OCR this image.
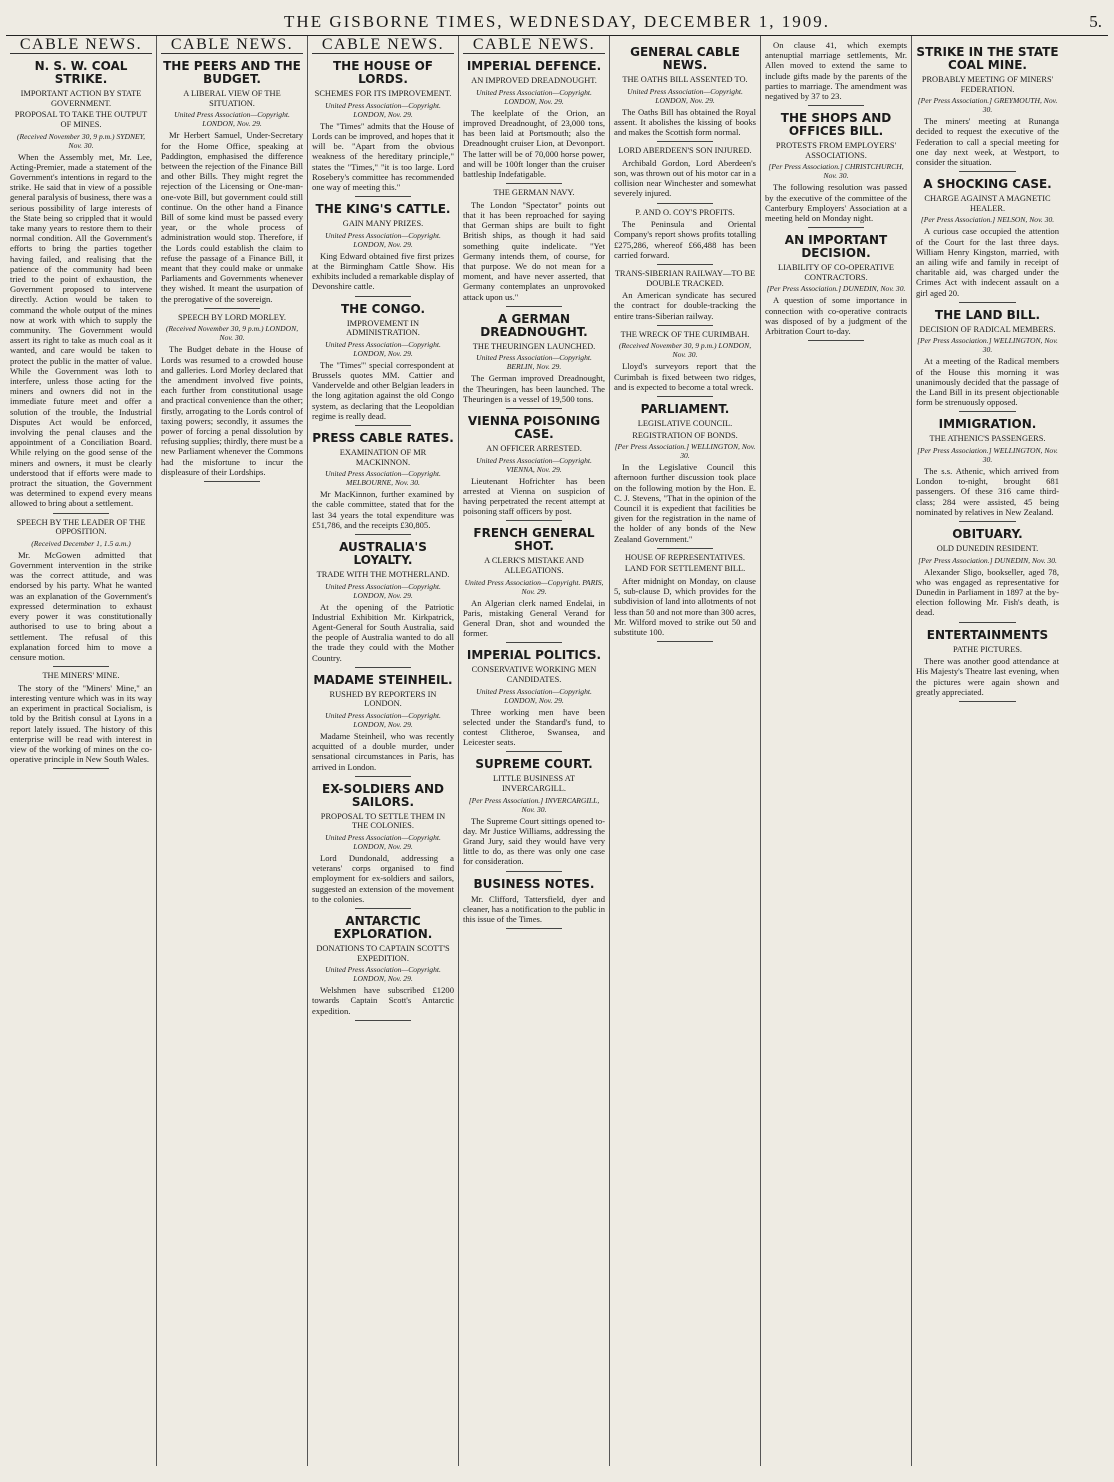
THE GISBORNE TIMES, WEDNESDAY, DECEMBER 1, 1909.	5.
CABLE NEWS.
N. S. W. COAL STRIKE.
IMPORTANT ACTION BY STATE GOVERNMENT.
PROPOSAL TO TAKE THE OUTPUT OF MINES.
(Received November 30, 9 p.m.) SYDNEY, Nov. 30.

When the Assembly met, Mr. Lee, Acting-Premier, made a statement of the Government's intentions in regard to the strike. He said that in view of a possible general paralysis of business, there was a serious possibility of large interests of the State being so crippled that it would take many years to restore them to their normal condition. All the Government's efforts to bring the parties together having failed, and realising that the patience of the community had been tried to the point of exhaustion, the Government proposed to intervene directly. Action would be taken to command the whole output of the mines now at work with which to supply the community. The Government would assert its right to take as much coal as it wanted, and care would be taken to protect the public in the matter of value. While the Government was loth to interfere, unless those acting for the miners and owners did not in the immediate future meet and offer a solution of the trouble, the Industrial Disputes Act would be enforced, involving the penal clauses and the appointment of a Conciliation Board. While relying on the good sense of the miners and owners, it must be clearly understood that if efforts were made to protract the situation, the Government was determined to expend every means allowed to bring about a settlement.

SPEECH BY THE LEADER OF THE OPPOSITION.
(Received December 1, 1.5 a.m.)

Mr. McGowen admitted that Government intervention in the strike was the correct attitude, and was endorsed by his party. What he wanted was an explanation of the Government's expressed determination to exhaust every power it was constitutionally authorised to use to bring about a settlement. The refusal of this explanation forced him to move a censure motion.

THE MINERS' MINE.

The story of the "Miners' Mine," an interesting venture which was in its way an experiment in practical Socialism, is told by the British consul at Lyons in a report lately issued. The history of this enterprise will be read with interest in view of the working of mines on the co-operative principle in New South Wales.

CABLE NEWS.
THE PEERS AND THE BUDGET.
A LIBERAL VIEW OF THE SITUATION.
United Press Association—Copyright. LONDON, Nov. 29.

Mr Herbert Samuel, Under-Secretary for the Home Office, speaking at Paddington, emphasised the difference between the rejection of the Finance Bill and other Bills. They might regret the rejection of the Licensing or One-man-one-vote Bill, but government could still continue. On the other hand a Finance Bill of some kind must be passed every year, or the whole process of administration would stop. Therefore, if the Lords could establish the claim to refuse the passage of a Finance Bill, it meant that they could make or unmake Parliaments and Governments whenever they wished. It meant the usurpation of the prerogative of the sovereign.

SPEECH BY LORD MORLEY.
(Received November 30, 9 p.m.) LONDON, Nov. 30.

The Budget debate in the House of Lords was resumed to a crowded house and galleries. Lord Morley declared that the amendment involved five points, each further from constitutional usage and practical convenience than the other; firstly, arrogating to the Lords control of taxing powers; secondly, it assumes the power of forcing a penal dissolution by refusing supplies; thirdly, there must be a new Parliament whenever the Commons had the misfortune to incur the displeasure of their Lordships.

CABLE NEWS.
THE HOUSE OF LORDS.
SCHEMES FOR ITS IMPROVEMENT.
United Press Association—Copyright. LONDON, Nov. 29.

The "Times" admits that the House of Lords can be improved, and hopes that it will be. "Apart from the obvious weakness of the hereditary principle," states the "Times," "it is too large. Lord Rosebery's committee has recommended one way of meeting this."

THE KING'S CATTLE.
GAIN MANY PRIZES.
United Press Association—Copyright. LONDON, Nov. 29.

King Edward obtained five first prizes at the Birmingham Cattle Show. His exhibits included a remarkable display of Devonshire cattle.

THE CONGO.
IMPROVEMENT IN ADMINISTRATION.
United Press Association—Copyright. LONDON, Nov. 29.

The "Times'" special correspondent at Brussels quotes MM. Cattier and Vandervelde and other Belgian leaders in the long agitation against the old Congo system, as declaring that the Leopoldian regime is really dead.

PRESS CABLE RATES.
EXAMINATION OF MR MACKINNON.
United Press Association—Copyright. MELBOURNE, Nov. 30.

Mr MacKinnon, further examined by the cable committee, stated that for the last 34 years the total expenditure was £51,786, and the receipts £30,805.

AUSTRALIA'S LOYALTY.
TRADE WITH THE MOTHERLAND.
United Press Association—Copyright. LONDON, Nov. 29.

At the opening of the Patriotic Industrial Exhibition Mr. Kirkpatrick, Agent-General for South Australia, said the people of Australia wanted to do all the trade they could with the Mother Country.

MADAME STEINHEIL.
RUSHED BY REPORTERS IN LONDON.
United Press Association—Copyright. LONDON, Nov. 29.

Madame Steinheil, who was recently acquitted of a double murder, under sensational circumstances in Paris, has arrived in London.

EX-SOLDIERS AND SAILORS.
PROPOSAL TO SETTLE THEM IN THE COLONIES.
United Press Association—Copyright. LONDON, Nov. 29.

Lord Dundonald, addressing a veterans' corps organised to find employment for ex-soldiers and sailors, suggested an extension of the movement to the colonies.

ANTARCTIC EXPLORATION.
DONATIONS TO CAPTAIN SCOTT'S EXPEDITION.
United Press Association—Copyright. LONDON, Nov. 29.

Welshmen have subscribed £1200 towards Captain Scott's Antarctic expedition.

CABLE NEWS.
IMPERIAL DEFENCE.
AN IMPROVED DREADNOUGHT.
United Press Association—Copyright. LONDON, Nov. 29.

The keelplate of the Orion, an improved Dreadnought, of 23,000 tons, has been laid at Portsmouth; also the Dreadnought cruiser Lion, at Devonport. The latter will be of 70,000 horse power, and will be 100ft longer than the cruiser battleship Indefatigable.

THE GERMAN NAVY.

The London "Spectator" points out that it has been reproached for saying that German ships are built to fight British ships, as though it had said something quite indelicate. "Yet Germany intends them, of course, for that purpose. We do not mean for a moment, and have never asserted, that Germany contemplates an unprovoked attack upon us."

A GERMAN DREADNOUGHT.
THE THEURINGEN LAUNCHED.
United Press Association—Copyright. BERLIN, Nov. 29.

The German improved Dreadnought, the Theuringen, has been launched. The Theuringen is a vessel of 19,500 tons.

VIENNA POISONING CASE.
AN OFFICER ARRESTED.
United Press Association—Copyright. VIENNA, Nov. 29.

Lieutenant Hofrichter has been arrested at Vienna on suspicion of having perpetrated the recent attempt at poisoning staff officers by post.

FRENCH GENERAL SHOT.
A CLERK'S MISTAKE AND ALLEGATIONS.
United Press Association—Copyright. PARIS, Nov. 29.

An Algerian clerk named Endelai, in Paris, mistaking General Verand for General Dran, shot and wounded the former.

IMPERIAL POLITICS.
CONSERVATIVE WORKING MEN CANDIDATES.
United Press Association—Copyright. LONDON, Nov. 29.

Three working men have been selected under the Standard's fund, to contest Clitheroe, Swansea, and Leicester seats.

SUPREME COURT.
LITTLE BUSINESS AT INVERCARGILL.
[Per Press Association.] INVERCARGILL, Nov. 30.

The Supreme Court sittings opened to-day. Mr Justice Williams, addressing the Grand Jury, said they would have very little to do, as there was only one case for consideration.

BUSINESS NOTES.

Mr. Clifford, Tattersfield, dyer and cleaner, has a notification to the public in this issue of the Times.

GENERAL CABLE NEWS.
THE OATHS BILL ASSENTED TO.
United Press Association—Copyright. LONDON, Nov. 29.

The Oaths Bill has obtained the Royal assent. It abolishes the kissing of books and makes the Scottish form normal.

LORD ABERDEEN'S SON INJURED.

Archibald Gordon, Lord Aberdeen's son, was thrown out of his motor car in a collision near Winchester and somewhat severely injured.

P. AND O. COY'S PROFITS.

The Peninsula and Oriental Company's report shows profits totalling £275,286, whereof £66,488 has been carried forward.

TRANS-SIBERIAN RAILWAY—TO BE DOUBLE TRACKED.

An American syndicate has secured the contract for double-tracking the entire trans-Siberian railway.

THE WRECK OF THE CURIMBAH.
(Received November 30, 9 p.m.) LONDON, Nov. 30.

Lloyd's surveyors report that the Curimbah is fixed between two ridges, and is expected to become a total wreck.

PARLIAMENT.
LEGISLATIVE COUNCIL.
REGISTRATION OF BONDS.
[Per Press Association.] WELLINGTON, Nov. 30.

In the Legislative Council this afternoon further discussion took place on the following motion by the Hon. E. C. J. Stevens, "That in the opinion of the Council it is expedient that facilities be given for the registration in the name of the holder of any bonds of the New Zealand Government."

HOUSE OF REPRESENTATIVES.
LAND FOR SETTLEMENT BILL.

After midnight on Monday, on clause 5, sub-clause D, which provides for the subdivision of land into allotments of not less than 50 and not more than 300 acres, Mr. Wilford moved to strike out 50 and substitute 100.

On clause 41, which exempts antenuptial marriage settlements, Mr. Allen moved to extend the same to include gifts made by the parents of the parties to marriage. The amendment was negatived by 37 to 23.

THE SHOPS AND OFFICES BILL.
PROTESTS FROM EMPLOYERS' ASSOCIATIONS.
[Per Press Association.] CHRISTCHURCH, Nov. 30.

The following resolution was passed by the executive of the committee of the Canterbury Employers' Association at a meeting held on Monday night.

AN IMPORTANT DECISION.
LIABILITY OF CO-OPERATIVE CONTRACTORS.
[Per Press Association.] DUNEDIN, Nov. 30.

A question of some importance in connection with co-operative contracts was disposed of by a judgment of the Arbitration Court to-day.

STRIKE IN THE STATE COAL MINE.
PROBABLY MEETING OF MINERS' FEDERATION.
[Per Press Association.] GREYMOUTH, Nov. 30.

The miners' meeting at Runanga decided to request the executive of the Federation to call a special meeting for one day next week, at Westport, to consider the situation.

A SHOCKING CASE.
CHARGE AGAINST A MAGNETIC HEALER.
[Per Press Association.] NELSON, Nov. 30.

A curious case occupied the attention of the Court for the last three days. William Henry Kingston, married, with an ailing wife and family in receipt of charitable aid, was charged under the Crimes Act with indecent assault on a girl aged 20.

THE LAND BILL.
DECISION OF RADICAL MEMBERS.
[Per Press Association.] WELLINGTON, Nov. 30.

At a meeting of the Radical members of the House this morning it was unanimously decided that the passage of the Land Bill in its present objectionable form be strenuously opposed.

IMMIGRATION.
THE ATHENIC'S PASSENGERS.
[Per Press Association.] WELLINGTON, Nov. 30.

The s.s. Athenic, which arrived from London to-night, brought 681 passengers. Of these 316 came third-class; 284 were assisted, 45 being nominated by relatives in New Zealand.

OBITUARY.
OLD DUNEDIN RESIDENT.
[Per Press Association.] DUNEDIN, Nov. 30.

Alexander Sligo, bookseller, aged 78, who was engaged as representative for Dunedin in Parliament in 1897 at the by-election following Mr. Fish's death, is dead.

ENTERTAINMENTS
PATHE PICTURES.

There was another good attendance at His Majesty's Theatre last evening, when the pictures were again shown and greatly appreciated.
